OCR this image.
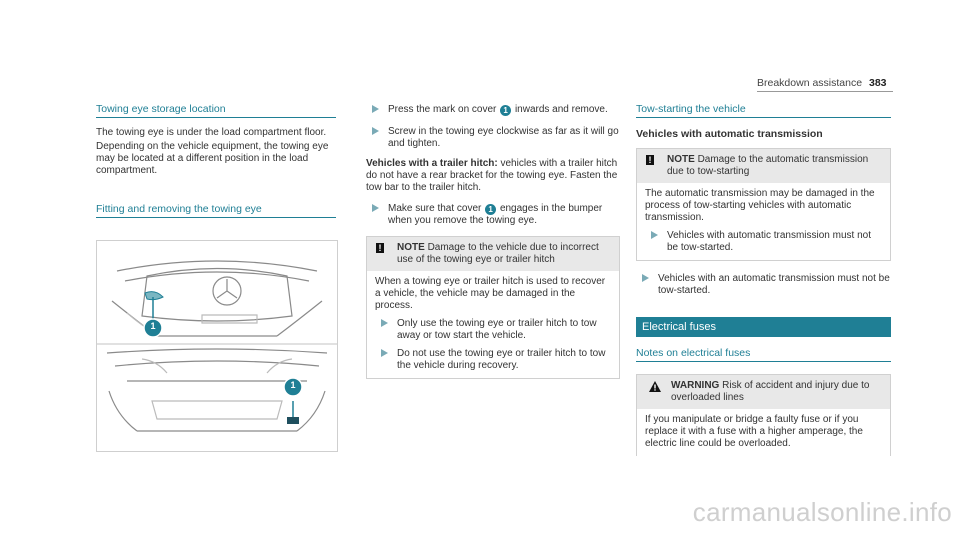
Breakdown assistance 383
Towing eye storage location
The towing eye is under the load compartment floor.
Depending on the vehicle equipment, the towing eye may be located at a different position in the load compartment.
Fitting and removing the towing eye
1
1
Press the mark on cover 1 inwards and remove.
Screw in the towing eye clockwise as far as it will go and tighten.
Vehicles with a trailer hitch: vehicles with a trailer hitch do not have a rear bracket for the towing eye. Fasten the tow bar to the trailer hitch.
Make sure that cover 1 engages in the bumper when you remove the towing eye.
! NOTE Damage to the vehicle due to incorrect use of the towing eye or trailer hitch
When a towing eye or trailer hitch is used to recover a vehicle, the vehicle may be damaged in the process.
Only use the towing eye or trailer hitch to tow away or tow start the vehicle.
Do not use the towing eye or trailer hitch to tow the vehicle during recovery.
Tow-starting the vehicle
Vehicles with automatic transmission
! NOTE Damage to the automatic transmission due to tow-starting
The automatic transmission may be damaged in the process of tow-starting vehicles with automatic transmission.
Vehicles with automatic transmission must not be tow-started.
Vehicles with an automatic transmission must not be tow-started.
Electrical fuses
Notes on electrical fuses
WARNING Risk of accident and injury due to overloaded lines
If you manipulate or bridge a faulty fuse or if you replace it with a fuse with a higher amperage, the electric line could be overloaded.
carmanualsonline.info
